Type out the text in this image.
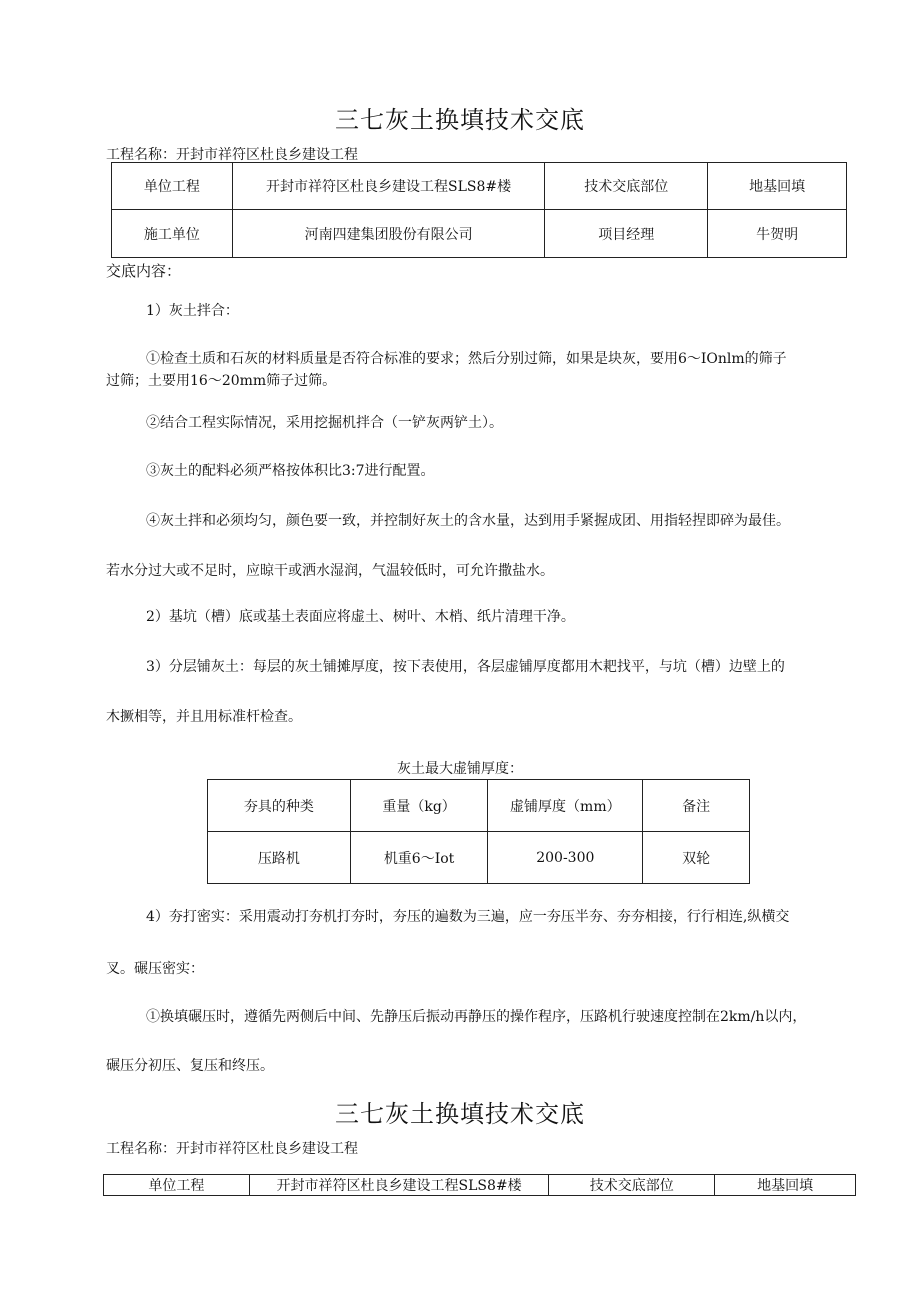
三七灰土换填技术交底
工程名称：开封市祥符区杜良乡建设工程
单位工程	开封市祥符区杜良乡建设工程SLS8#楼	技术交底部位	地基回填
施工单位	河南四建集团股份有限公司	项目经理	牛贺明
交底内容：
1）灰土拌合：
①检查土质和石灰的材料质量是否符合标准的要求；然后分别过筛，如果是块灰，要用6～IOnlm的筛子
过筛；土要用16～20mm筛子过筛。
②结合工程实际情况，采用挖掘机拌合（一铲灰两铲土）。
③灰土的配料必须严格按体积比3:7进行配置。
④灰土拌和必须均匀，颜色要一致，并控制好灰土的含水量，达到用手紧握成团、用指轻捏即碎为最佳。
若水分过大或不足时，应晾干或洒水湿润，气温较低时，可允许撒盐水。
2）基坑（槽）底或基土表面应将虚土、树叶、木梢、纸片清理干净。
3）分层铺灰土：每层的灰土铺摊厚度，按下表使用，各层虚铺厚度都用木耙找平，与坑（槽）边壁上的
木撅相等，并且用标准杆检查。
灰土最大虚铺厚度：
夯具的种类	重量（kg）	虚铺厚度（mm）	备注
压路机	机重6～Iot	200-300	双轮
4）夯打密实：采用震动打夯机打夯时，夯压的遍数为三遍，应一夯压半夯、夯夯相接，行行相连,纵横交
叉。碾压密实：
①换填碾压时，遵循先两侧后中间、先静压后振动再静压的操作程序，压路机行驶速度控制在2km∕h以内，
碾压分初压、复压和终压。
三七灰土换填技术交底
工程名称：开封市祥符区杜良乡建设工程
单位工程	开封市祥符区杜良乡建设工程SLS8#楼	技术交底部位	地基回填
